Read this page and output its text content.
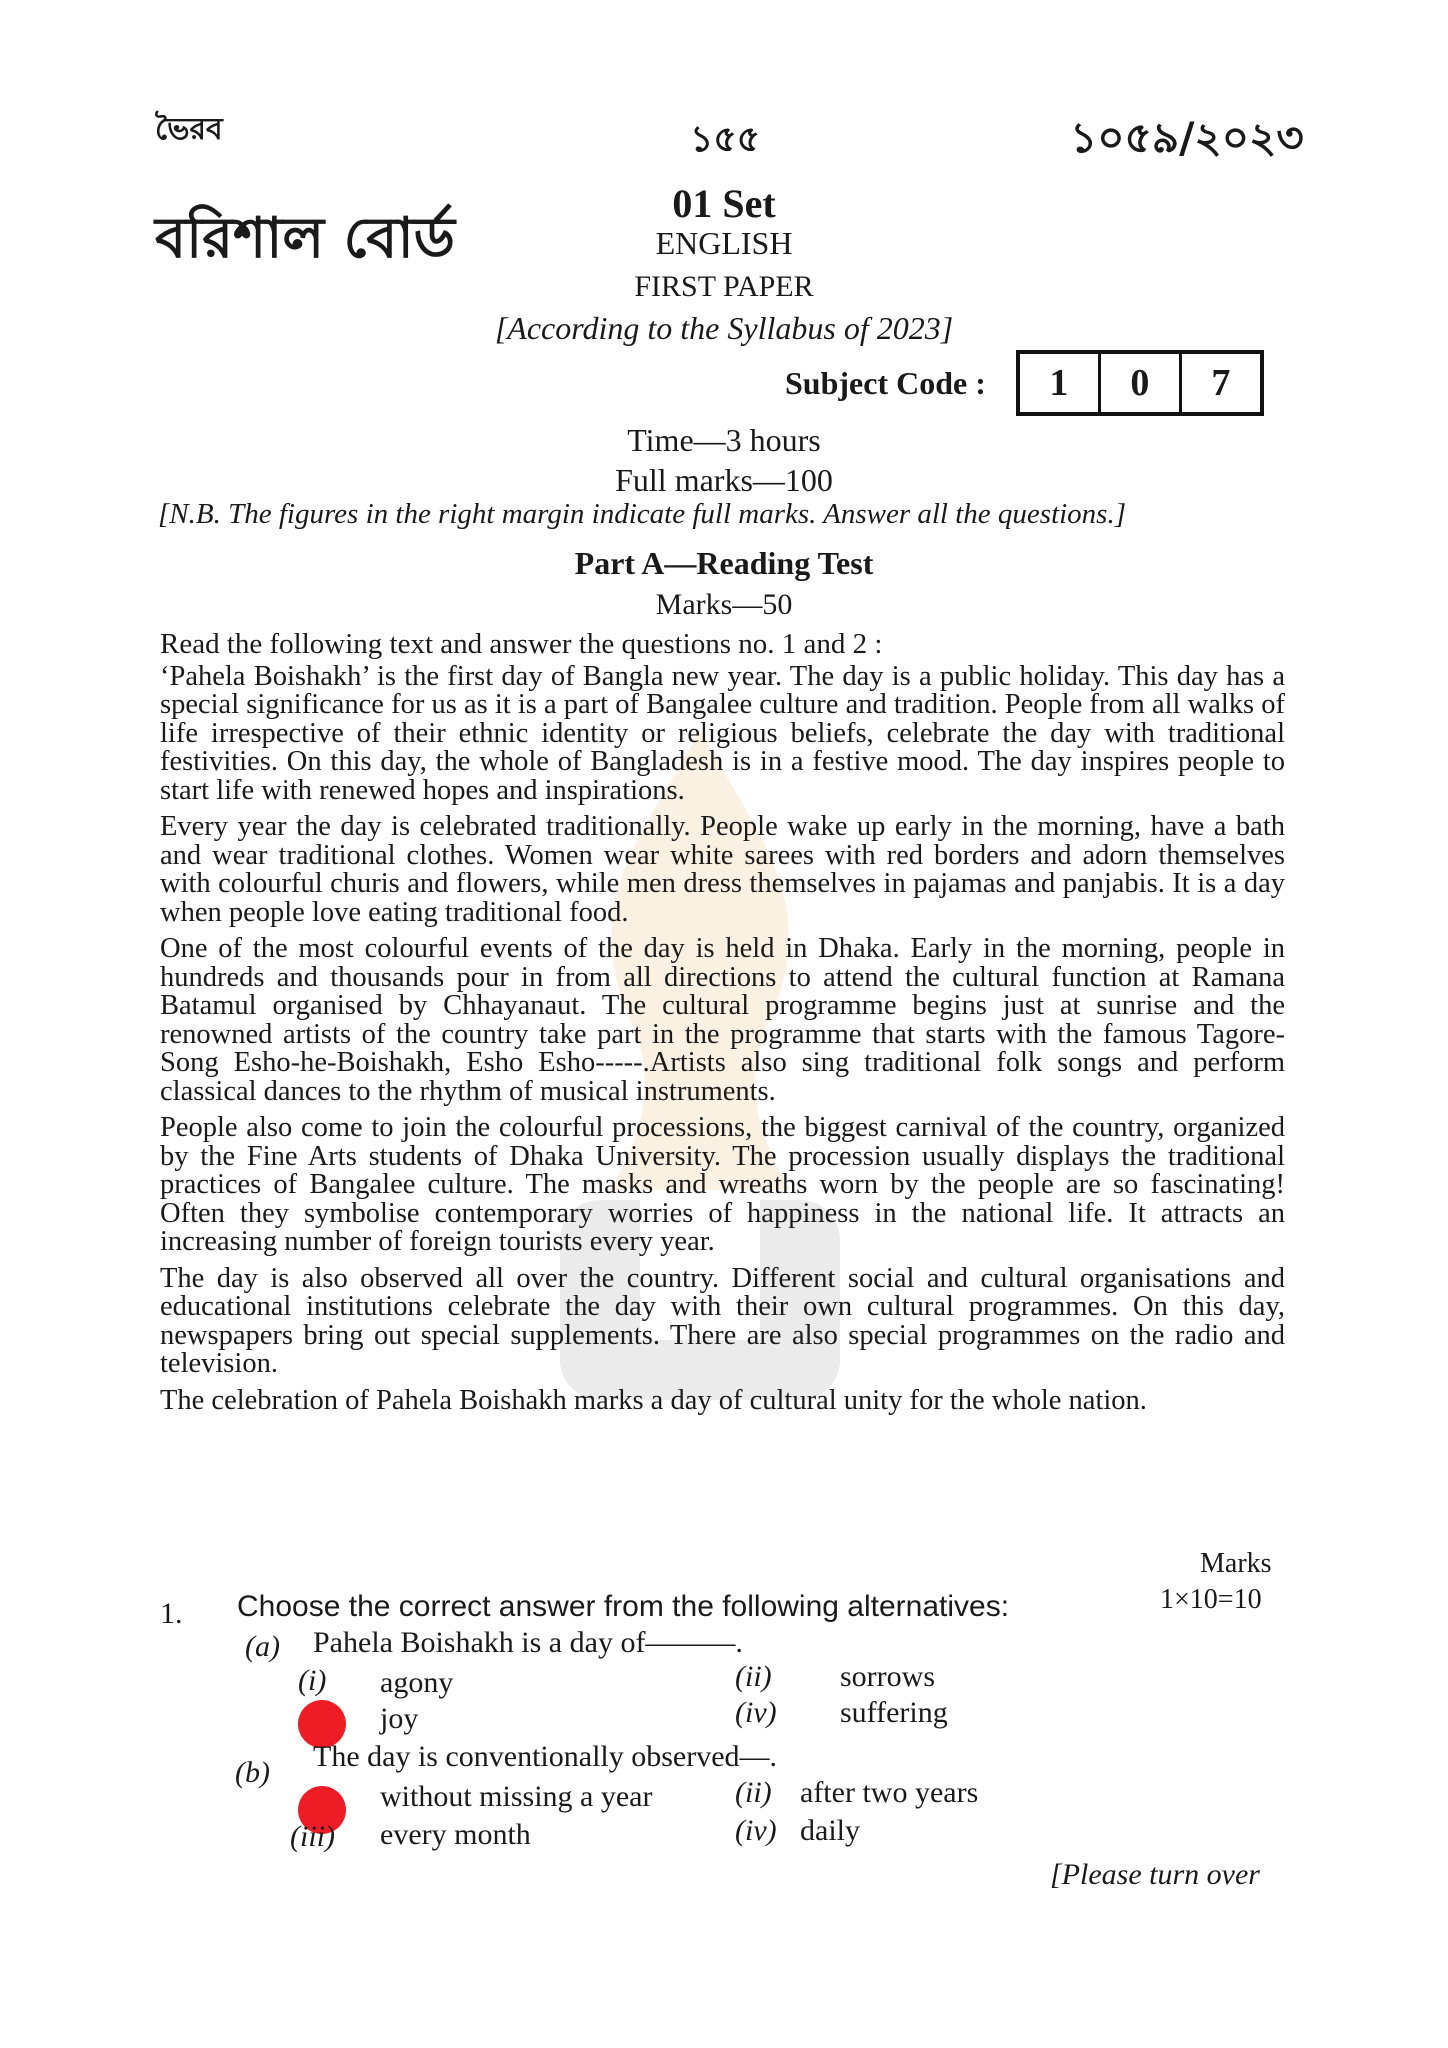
ভৈরব
বরিশাল বোর্ড
১৫৫	১০৫৯/২০২৩
01 Set
ENGLISH
FIRST PAPER
[According to the Syllabus of 2023]
Subject Code :	1	0	7
Time—3 hours
Full marks—100
[N.B. The figures in the right margin indicate full marks. Answer all the questions.]
Part A—Reading Test
Marks—50

Read the following text and answer the questions no. 1 and 2 :

‘Pahela Boishakh’ is the first day of Bangla new year. The day is a public holiday. This day has a special significance for us as it is a part of Bangalee culture and tradition. People from all walks of life irrespective of their ethnic identity or religious beliefs, celebrate the day with traditional festivities. On this day, the whole of Bangladesh is in a festive mood. The day inspires people to start life with renewed hopes and inspirations.

Every year the day is celebrated traditionally. People wake up early in the morning, have a bath and wear traditional clothes. Women wear white sarees with red borders and adorn themselves with colourful churis and flowers, while men dress themselves in pajamas and panjabis. It is a day when people love eating traditional food.

One of the most colourful events of the day is held in Dhaka. Early in the morning, people in hundreds and thousands pour in from all directions to attend the cultural function at Ramana Batamul organised by Chhayanaut. The cultural programme begins just at sunrise and the renowned artists of the country take part in the programme that starts with the famous Tagore-Song Esho-he-Boishakh, Esho Esho-----.Artists also sing traditional folk songs and perform classical dances to the rhythm of musical instruments.

People also come to join the colourful processions, the biggest carnival of the country, organized by the Fine Arts students of Dhaka University. The procession usually displays the traditional practices of Bangalee culture. The masks and wreaths worn by the people are so fascinating! Often they symbolise contemporary worries of happiness in the national life. It attracts an increasing number of foreign tourists every year.

The day is also observed all over the country. Different social and cultural organisations and educational institutions celebrate the day with their own cultural programmes. On this day, newspapers bring out special supplements. There are also special programmes on the radio and television.

The celebration of Pahela Boishakh marks a day of cultural unity for the whole nation.

Marks
1. Choose the correct answer from the following alternatives:	1×10=10
(a) Pahela Boishakh is a day of———.
(i) agony	(ii) sorrows
joy	(iv) suffering
(b) The day is conventionally observed—.
without missing a year	(ii) after two years
(iii) every month	(iv) daily
[Please turn over
